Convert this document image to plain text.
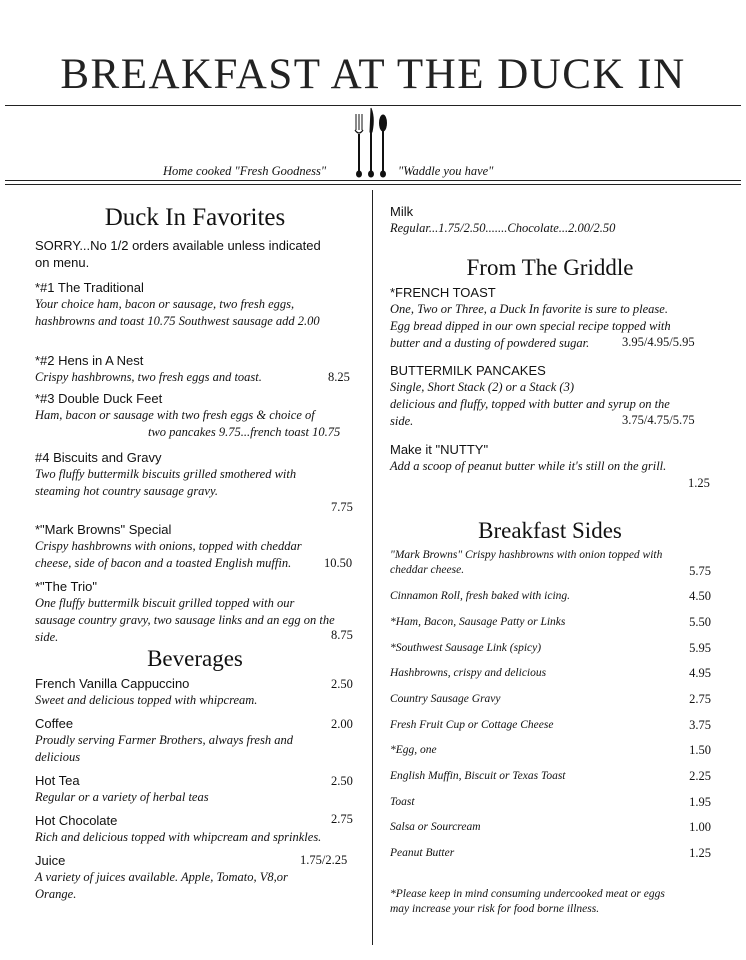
BREAKFAST AT THE DUCK IN
Home cooked "Fresh Goodness"	"Waddle you have"
Duck In Favorites
SORRY...No 1/2 orders available unless indicated
on menu.
*#1 The Traditional
Your choice ham, bacon or sausage, two fresh eggs,
hashbrowns and toast 10.75 Southwest sausage add 2.00
*#2 Hens in A Nest
Crispy hashbrowns, two fresh eggs and toast.	8.25
*#3 Double Duck Feet
Ham, bacon or sausage with two fresh eggs & choice of
two pancakes 9.75...french toast 10.75
#4 Biscuits and Gravy
Two fluffy buttermilk biscuits grilled smothered with
steaming hot country sausage gravy.
7.75
*"Mark Browns" Special
Crispy hashbrowns with onions, topped with cheddar
cheese, side of bacon and a toasted English muffin.	10.50
*"The Trio"
One fluffy buttermilk biscuit grilled topped with our
sausage country gravy, two sausage links and an egg on the
side.	8.75
Beverages
French Vanilla Cappuccino	2.50
Sweet and delicious topped with whipcream.
Coffee	2.00
Proudly serving Farmer Brothers, always fresh and
delicious
Hot Tea	2.50
Regular or a variety of herbal teas
Hot Chocolate	2.75
Rich and delicious topped with whipcream and sprinkles.
Juice	1.75/2.25
A variety of juices available. Apple, Tomato, V8,or
Orange.
Milk
Regular...1.75/2.50.......Chocolate...2.00/2.50
From The Griddle
*FRENCH TOAST
One, Two or Three, a Duck In favorite is sure to please.
Egg bread dipped in our own special recipe topped with
butter and a dusting of powdered sugar.	3.95/4.95/5.95
BUTTERMILK PANCAKES
Single, Short Stack (2) or a Stack (3)
delicious and fluffy, topped with butter and syrup on the
side.	3.75/4.75/5.75
Make it "NUTTY"
Add a scoop of peanut butter while it's still on the grill.
1.25
Breakfast Sides
"Mark Browns" Crispy hashbrowns with onion topped with
cheddar cheese.	5.75
Cinnamon Roll, fresh baked with icing.	4.50
*Ham, Bacon, Sausage Patty or Links	5.50
*Southwest Sausage Link (spicy)	5.95
Hashbrowns, crispy and delicious	4.95
Country Sausage Gravy	2.75
Fresh Fruit Cup or Cottage Cheese	3.75
*Egg, one	1.50
English Muffin, Biscuit or Texas Toast	2.25
Toast	1.95
Salsa or Sourcream	1.00
Peanut Butter	1.25
*Please keep in mind consuming undercooked meat or eggs
may increase your risk for food borne illness.
